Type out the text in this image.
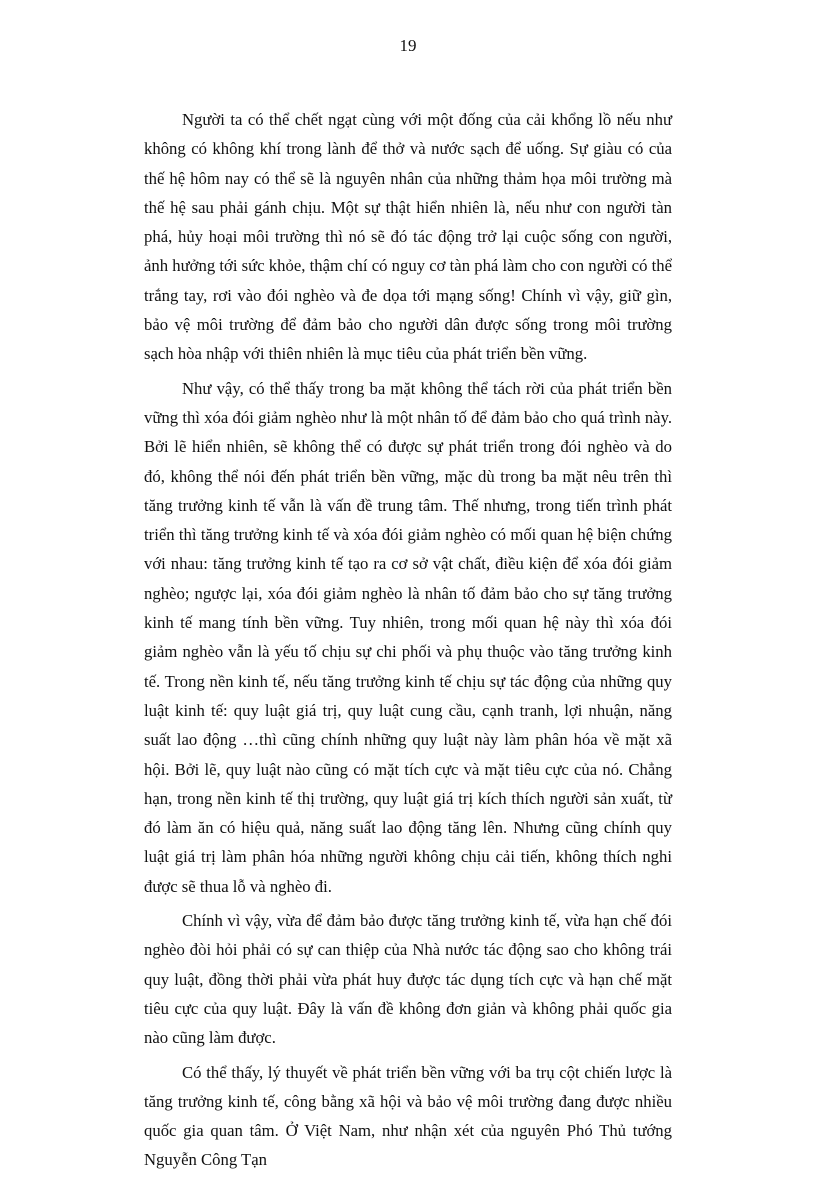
19

Người ta có thể chết ngạt cùng với một đống của cải khổng lồ nếu như không có không khí trong lành để thở và nước sạch để uống. Sự giàu có của thế hệ hôm nay có thể sẽ là nguyên nhân của những thảm họa môi trường mà thế hệ sau phải gánh chịu. Một sự thật hiển nhiên là, nếu như con người tàn phá, hủy hoại môi trường thì nó sẽ đó tác động trở lại cuộc sống con người, ảnh hưởng tới sức khỏe, thậm chí có nguy cơ tàn phá làm cho con người có thể trắng tay, rơi vào đói nghèo và đe dọa tới mạng sống! Chính vì vậy, giữ gìn, bảo vệ môi trường để đảm bảo cho người dân được sống trong môi trường sạch hòa nhập với thiên nhiên là mục tiêu của phát triển bền vững.

Như vậy, có thể thấy trong ba mặt không thể tách rời của phát triển bền vững thì xóa đói giảm nghèo như là một nhân tố để đảm bảo cho quá trình này. Bởi lẽ hiển nhiên, sẽ không thể có được sự phát triển trong đói nghèo và do đó, không thể nói đến phát triển bền vững, mặc dù trong ba mặt nêu trên thì tăng trưởng kinh tế vẫn là vấn đề trung tâm. Thế nhưng, trong tiến trình phát triển thì tăng trưởng kinh tế và xóa đói giảm nghèo có mối quan hệ biện chứng với nhau: tăng trưởng kinh tế tạo ra cơ sở vật chất, điều kiện để xóa đói giảm nghèo; ngược lại, xóa đói giảm nghèo là nhân tố đảm bảo cho sự tăng trưởng kinh tế mang tính bền vững. Tuy nhiên, trong mối quan hệ này thì xóa đói giảm nghèo vẫn là yếu tố chịu sự chi phối và phụ thuộc vào tăng trưởng kinh tế. Trong nền kinh tế, nếu tăng trưởng kinh tế chịu sự tác động của những quy luật kinh tế: quy luật giá trị, quy luật cung cầu, cạnh tranh, lợi nhuận, năng suất lao động …thì cũng chính những quy luật này làm phân hóa về mặt xã hội. Bởi lẽ, quy luật nào cũng có mặt tích cực và mặt tiêu cực của nó. Chẳng hạn, trong nền kinh tế thị trường, quy luật giá trị kích thích người sản xuất, từ đó làm ăn có hiệu quả, năng suất lao động tăng lên. Nhưng cũng chính quy luật giá trị làm phân hóa những người không chịu cải tiến, không thích nghi được sẽ thua lỗ và nghèo đi.

Chính vì vậy, vừa để đảm bảo được tăng trưởng kinh tế, vừa hạn chế đói nghèo đòi hỏi phải có sự can thiệp của Nhà nước tác động sao cho không trái quy luật, đồng thời phải vừa phát huy được tác dụng tích cực và hạn chế mặt tiêu cực của quy luật. Đây là vấn đề không đơn giản và không phải quốc gia nào cũng làm được.

Có thể thấy, lý thuyết về phát triển bền vững với ba trụ cột chiến lược là tăng trưởng kinh tế, công bằng xã hội và bảo vệ môi trường đang được nhiều quốc gia quan tâm. Ở Việt Nam, như nhận xét của nguyên Phó Thủ tướng Nguyễn Công Tạn
